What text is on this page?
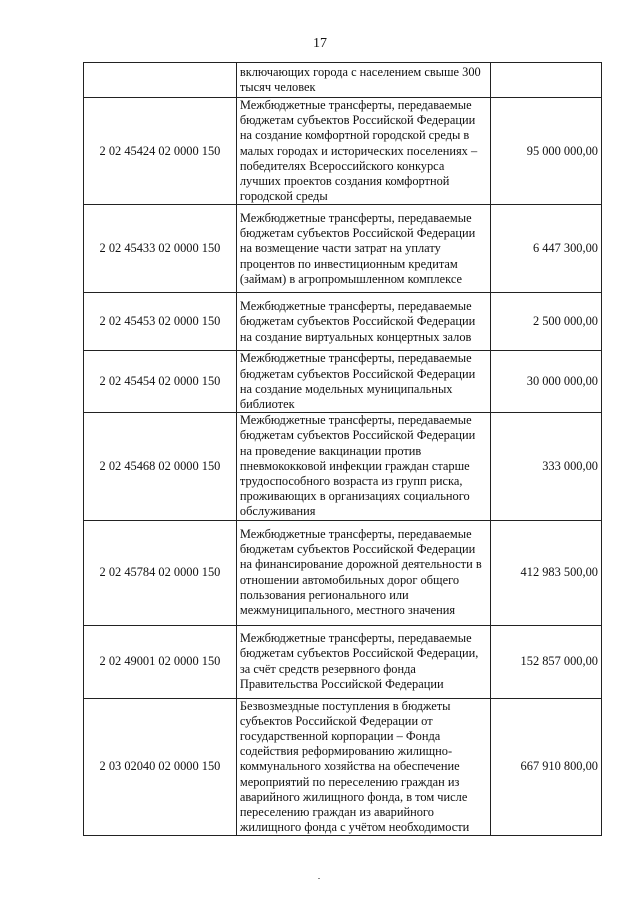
17
	включающих города с населением свыше 300 тысяч человек	
2 02 45424 02 0000 150	Межбюджетные трансферты, передаваемые бюджетам субъектов Российской Федерации на создание комфортной городской среды в малых городах и исторических поселениях – победителях Всероссийского конкурса лучших проектов создания комфортной городской среды	95 000 000,00
2 02 45433 02 0000 150	Межбюджетные трансферты, передаваемые бюджетам субъектов Российской Федерации на возмещение части затрат на уплату процентов по инвестиционным кредитам (займам) в агропромышленном комплексе	6 447 300,00
2 02 45453 02 0000 150	Межбюджетные трансферты, передаваемые бюджетам субъектов Российской Федерации на создание виртуальных концертных залов	2 500 000,00
2 02 45454 02 0000 150	Межбюджетные трансферты, передаваемые бюджетам субъектов Российской Федерации на создание модельных муниципальных библиотек	30 000 000,00
2 02 45468 02 0000 150	Межбюджетные трансферты, передаваемые бюджетам субъектов Российской Федерации на проведение вакцинации против пневмококковой инфекции граждан старше трудоспособного возраста из групп риска, проживающих в организациях социального обслуживания	333 000,00
2 02 45784 02 0000 150	Межбюджетные трансферты, передаваемые бюджетам субъектов Российской Федерации на финансирование дорожной деятельности в отношении автомобильных дорог общего пользования регионального или межмуниципального, местного значения	412 983 500,00
2 02 49001 02 0000 150	Межбюджетные трансферты, передаваемые бюджетам субъектов Российской Федерации, за счёт средств резервного фонда Правительства Российской Федерации	152 857 000,00
2 03 02040 02 0000 150	Безвозмездные поступления в бюджеты субъектов Российской Федерации от государственной корпорации – Фонда содействия реформированию жилищно-коммунального хозяйства на обеспечение мероприятий по переселению граждан из аварийного жилищного фонда, в том числе переселению граждан из аварийного жилищного фонда с учётом необходимости	667 910 800,00
